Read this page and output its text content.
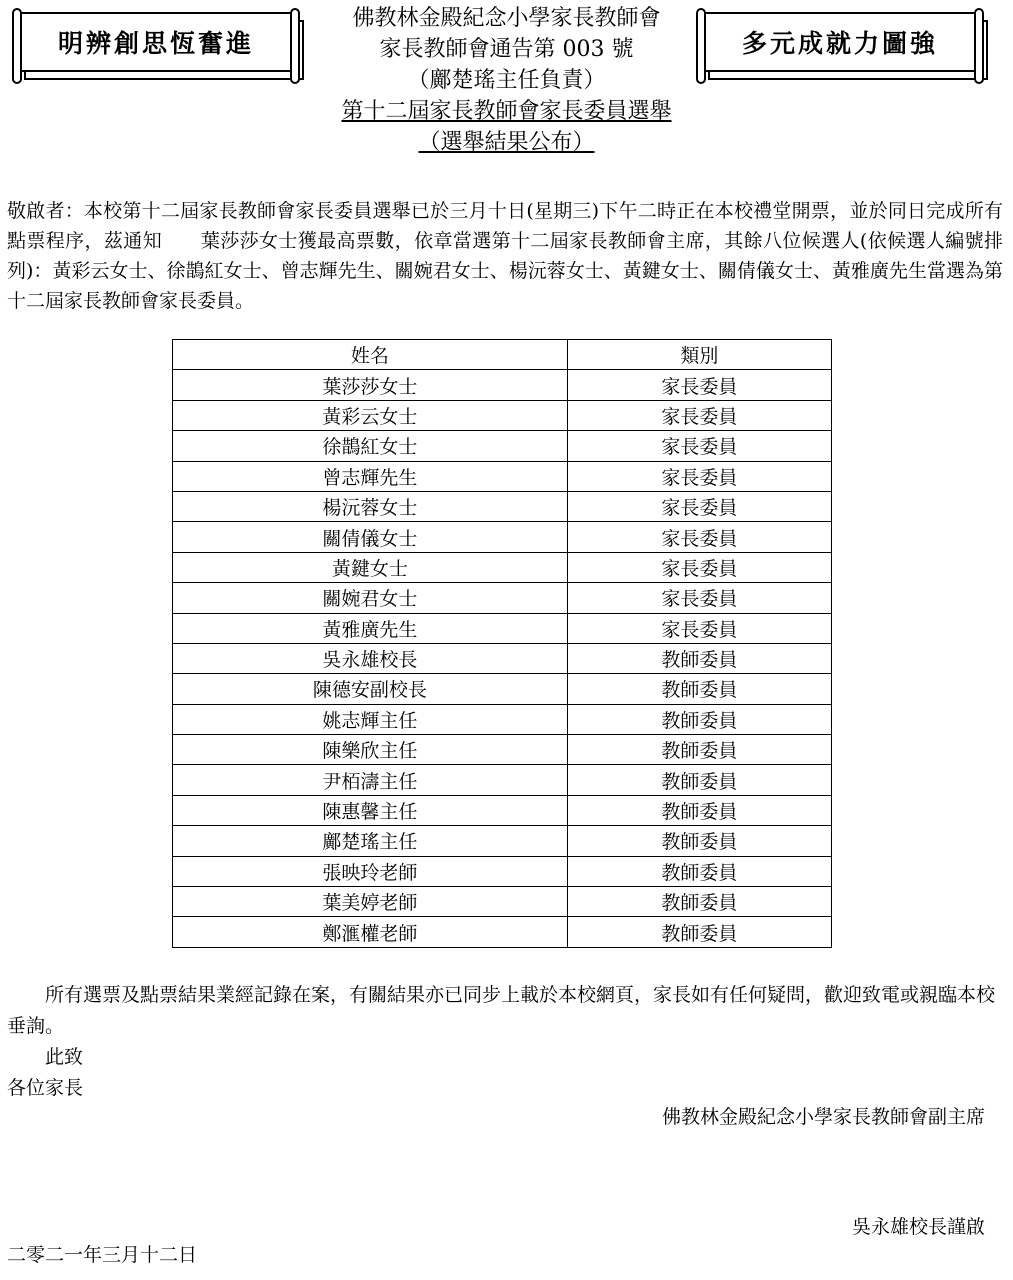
明辨創思恆奮進	多元成就力圖強
佛教林金殿紀念小學家長教師會
家長教師會通告第 003 號
（鄺楚瑤主任負責）
第十二屆家長教師會家長委員選舉
（選舉結果公布）
敬啟者：本校第十二屆家長教師會家長委員選舉已於三月十日(星期三)下午二時正在本校禮堂開票，並於同日完成所有點票程序，茲通知　　葉莎莎女士獲最高票數，依章當選第十二屆家長教師會主席，其餘八位候選人(依候選人編號排列)：黃彩云女士、徐鵲紅女士、曾志輝先生、關婉君女士、楊沅蓉女士、黃鍵女士、關倩儀女士、黃雅廣先生當選為第十二屆家長教師會家長委員。
姓名	類別
葉莎莎女士	家長委員
黃彩云女士	家長委員
徐鵲紅女士	家長委員
曾志輝先生	家長委員
楊沅蓉女士	家長委員
關倩儀女士	家長委員
黃鍵女士	家長委員
關婉君女士	家長委員
黃雅廣先生	家長委員
吳永雄校長	教師委員
陳德安副校長	教師委員
姚志輝主任	教師委員
陳樂欣主任	教師委員
尹栢濤主任	教師委員
陳惠馨主任	教師委員
鄺楚瑤主任	教師委員
張映玲老師	教師委員
葉美婷老師	教師委員
鄭滙權老師	教師委員
　　所有選票及點票結果業經記錄在案，有關結果亦已同步上載於本校網頁，家長如有任何疑問，歡迎致電或親臨本校垂詢。
　　此致
各位家長
佛教林金殿紀念小學家長教師會副主席
吳永雄校長謹啟
二零二一年三月十二日
